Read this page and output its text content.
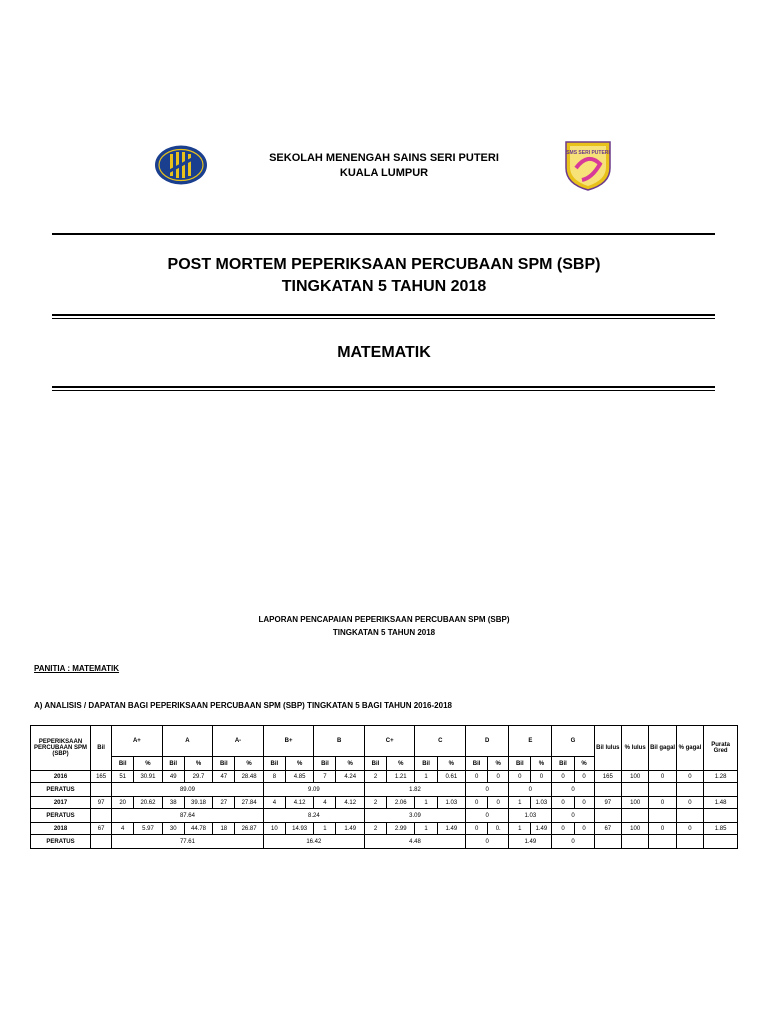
SMS SERI PUTERI
SEKOLAH MENENGAH SAINS SERI PUTERI
KUALA LUMPUR
POST MORTEM PEPERIKSAAN PERCUBAAN SPM (SBP)
TINGKATAN 5 TAHUN 2018
MATEMATIK
LAPORAN PENCAPAIAN PEPERIKSAAN PERCUBAAN SPM (SBP)
TINGKATAN 5 TAHUN 2018
PANITIA : MATEMATIK
A) ANALISIS / DAPATAN BAGI PEPERIKSAAN PERCUBAAN SPM (SBP) TINGKATAN 5 BAGI TAHUN 2016-2018
PEPERIKSAAN PERCUBAAN SPM (SBP)	Bil	A+		A		A-		B+		B		C+		C		D		E		G		Bil lulus	% lulus	Bil gagal	% gagal	Purata Gred
		Bil	%	Bil	%	Bil	%	Bil	%	Bil	%	Bil	%	Bil	%	Bil	%	Bil	%	Bil	%					
2016	165	51	30.91	49	29.7	47	28.48	8	4.85	7	4.24	2	1.21	1	0.61	0	0	0	0	0	0	165	100	0	0	1.28
PERATUS		89.09						9.09				1.82				0		0		0						
2017	97	20	20.62	38	39.18	27	27.84	4	4.12	4	4.12	2	2.06	1	1.03	0	0	1	1.03	0	0	97	100	0	0	1.48
PERATUS		87.64						8.24				3.09				0		1.03		0						
2018	67	4	5.97	30	44.78	18	26.87	10	14.93	1	1.49	2	2.99	1	1.49	0	0.	1	1.49	0	0	67	100	0	0	1.85
PERATUS		77.61						16.42				4.48				0		1.49		0						
